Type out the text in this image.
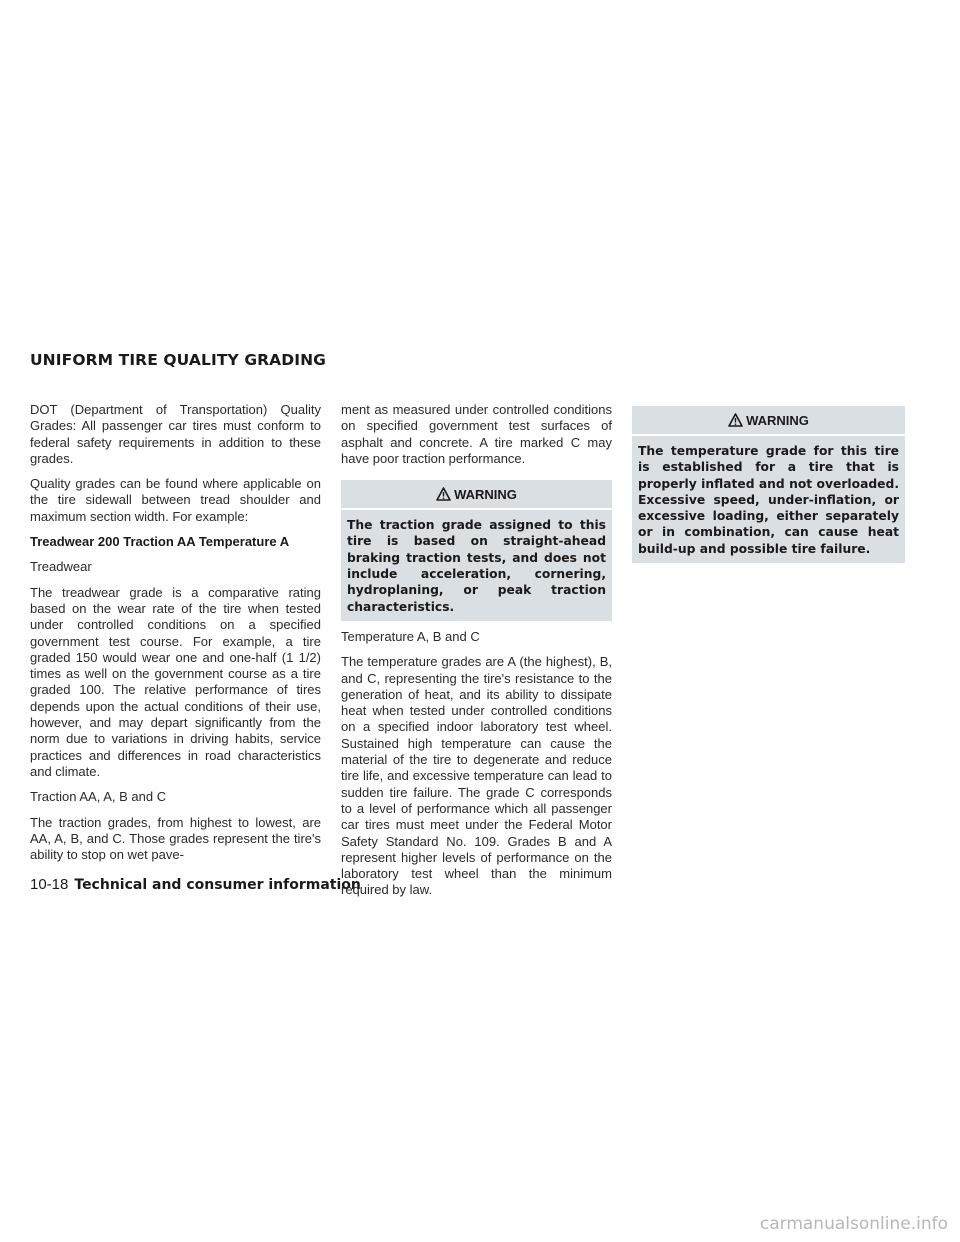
UNIFORM TIRE QUALITY GRADING

DOT (Department of Transportation) Quality Grades: All passenger car tires must conform to federal safety requirements in addition to these grades.

Quality grades can be found where applicable on the tire sidewall between tread shoulder and maximum section width. For example:

Treadwear 200 Traction AA Temperature A

Treadwear

The treadwear grade is a comparative rating based on the wear rate of the tire when tested under controlled conditions on a specified government test course. For example, a tire graded 150 would wear one and one-half (1 1/2) times as well on the government course as a tire graded 100. The relative performance of tires depends upon the actual conditions of their use, however, and may depart significantly from the norm due to variations in driving habits, service practices and differences in road characteristics and climate.

Traction AA, A, B and C

The traction grades, from highest to lowest, are AA, A, B, and C. Those grades represent the tire's ability to stop on wet pave-

ment as measured under controlled conditions on specified government test surfaces of asphalt and concrete. A tire marked C may have poor traction performance.

WARNING
The traction grade assigned to this tire is based on straight-ahead braking traction tests, and does not include acceleration, cornering, hydroplaning, or peak traction characteristics.

Temperature A, B and C

The temperature grades are A (the highest), B, and C, representing the tire's resistance to the generation of heat, and its ability to dissipate heat when tested under controlled conditions on a specified indoor laboratory test wheel. Sustained high temperature can cause the material of the tire to degenerate and reduce tire life, and excessive temperature can lead to sudden tire failure. The grade C corresponds to a level of performance which all passenger car tires must meet under the Federal Motor Safety Standard No. 109. Grades B and A represent higher levels of performance on the laboratory test wheel than the minimum required by law.

WARNING
The temperature grade for this tire is established for a tire that is properly inflated and not overloaded. Excessive speed, under-inflation, or excessive loading, either separately or in combination, can cause heat build-up and possible tire failure.
10-18 Technical and consumer information
carmanualsonline.info
